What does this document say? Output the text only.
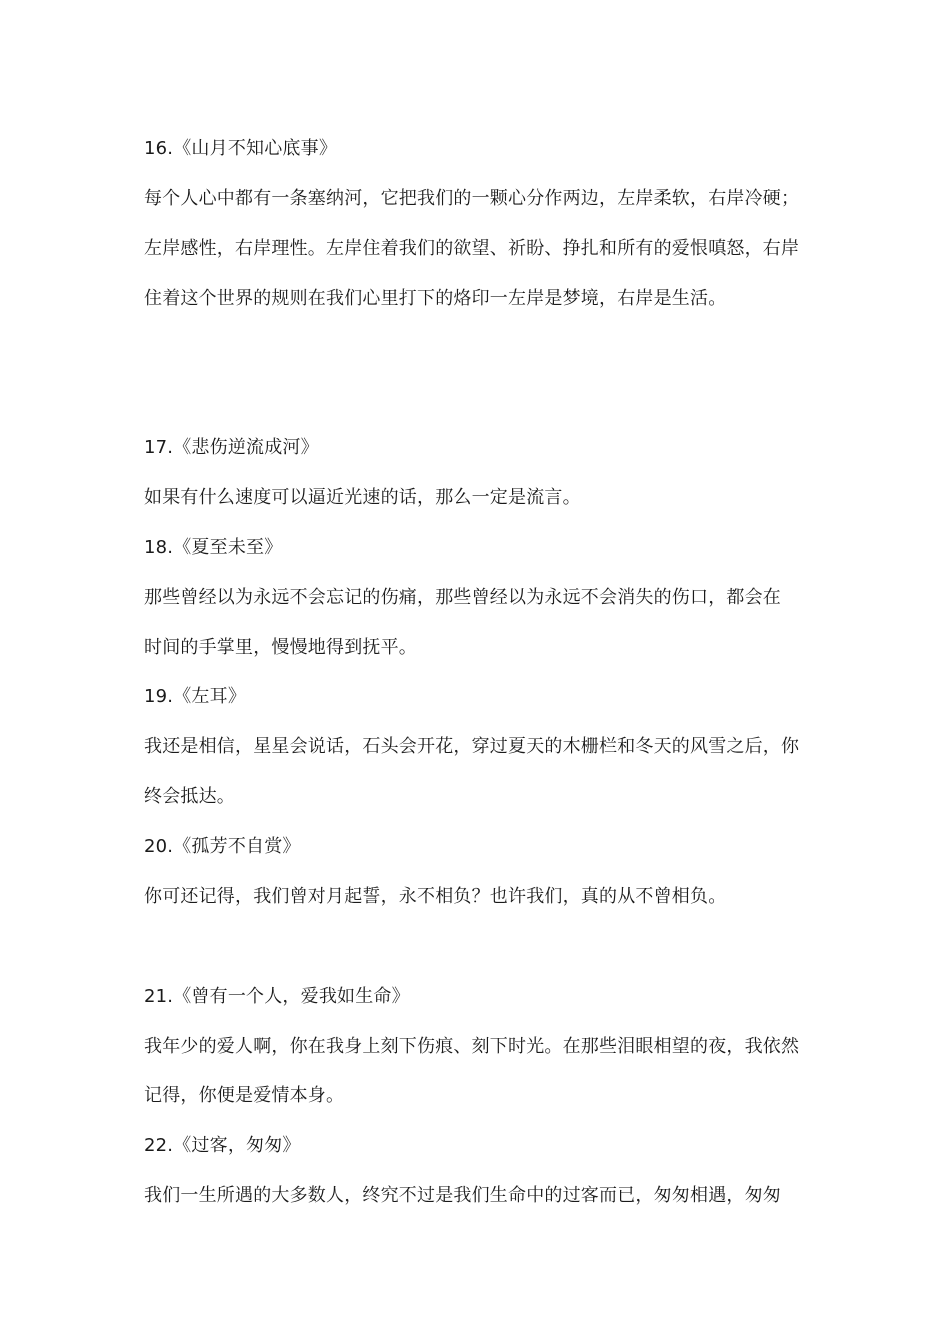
16.《山月不知心底事》
每个人心中都有一条塞纳河，它把我们的一颗心分作两边，左岸柔软，右岸冷硬；
左岸感性，右岸理性。左岸住着我们的欲望、祈盼、挣扎和所有的爱恨嗔怒，右岸
住着这个世界的规则在我们心里打下的烙印一左岸是梦境，右岸是生活。
17.《悲伤逆流成河》
如果有什么速度可以逼近光速的话，那么一定是流言。
18.《夏至未至》
那些曾经以为永远不会忘记的伤痛，那些曾经以为永远不会消失的伤口，都会在
时间的手掌里，慢慢地得到抚平。
19.《左耳》
我还是相信，星星会说话，石头会开花，穿过夏天的木栅栏和冬天的风雪之后，你
终会抵达。
20.《孤芳不自赏》
你可还记得，我们曾对月起誓，永不相负？也许我们，真的从不曾相负。
21.《曾有一个人，爱我如生命》
我年少的爱人啊，你在我身上刻下伤痕、刻下时光。在那些泪眼相望的夜，我依然
记得，你便是爱情本身。
22.《过客，匆匆》
我们一生所遇的大多数人，终究不过是我们生命中的过客而已，匆匆相遇，匆匆
